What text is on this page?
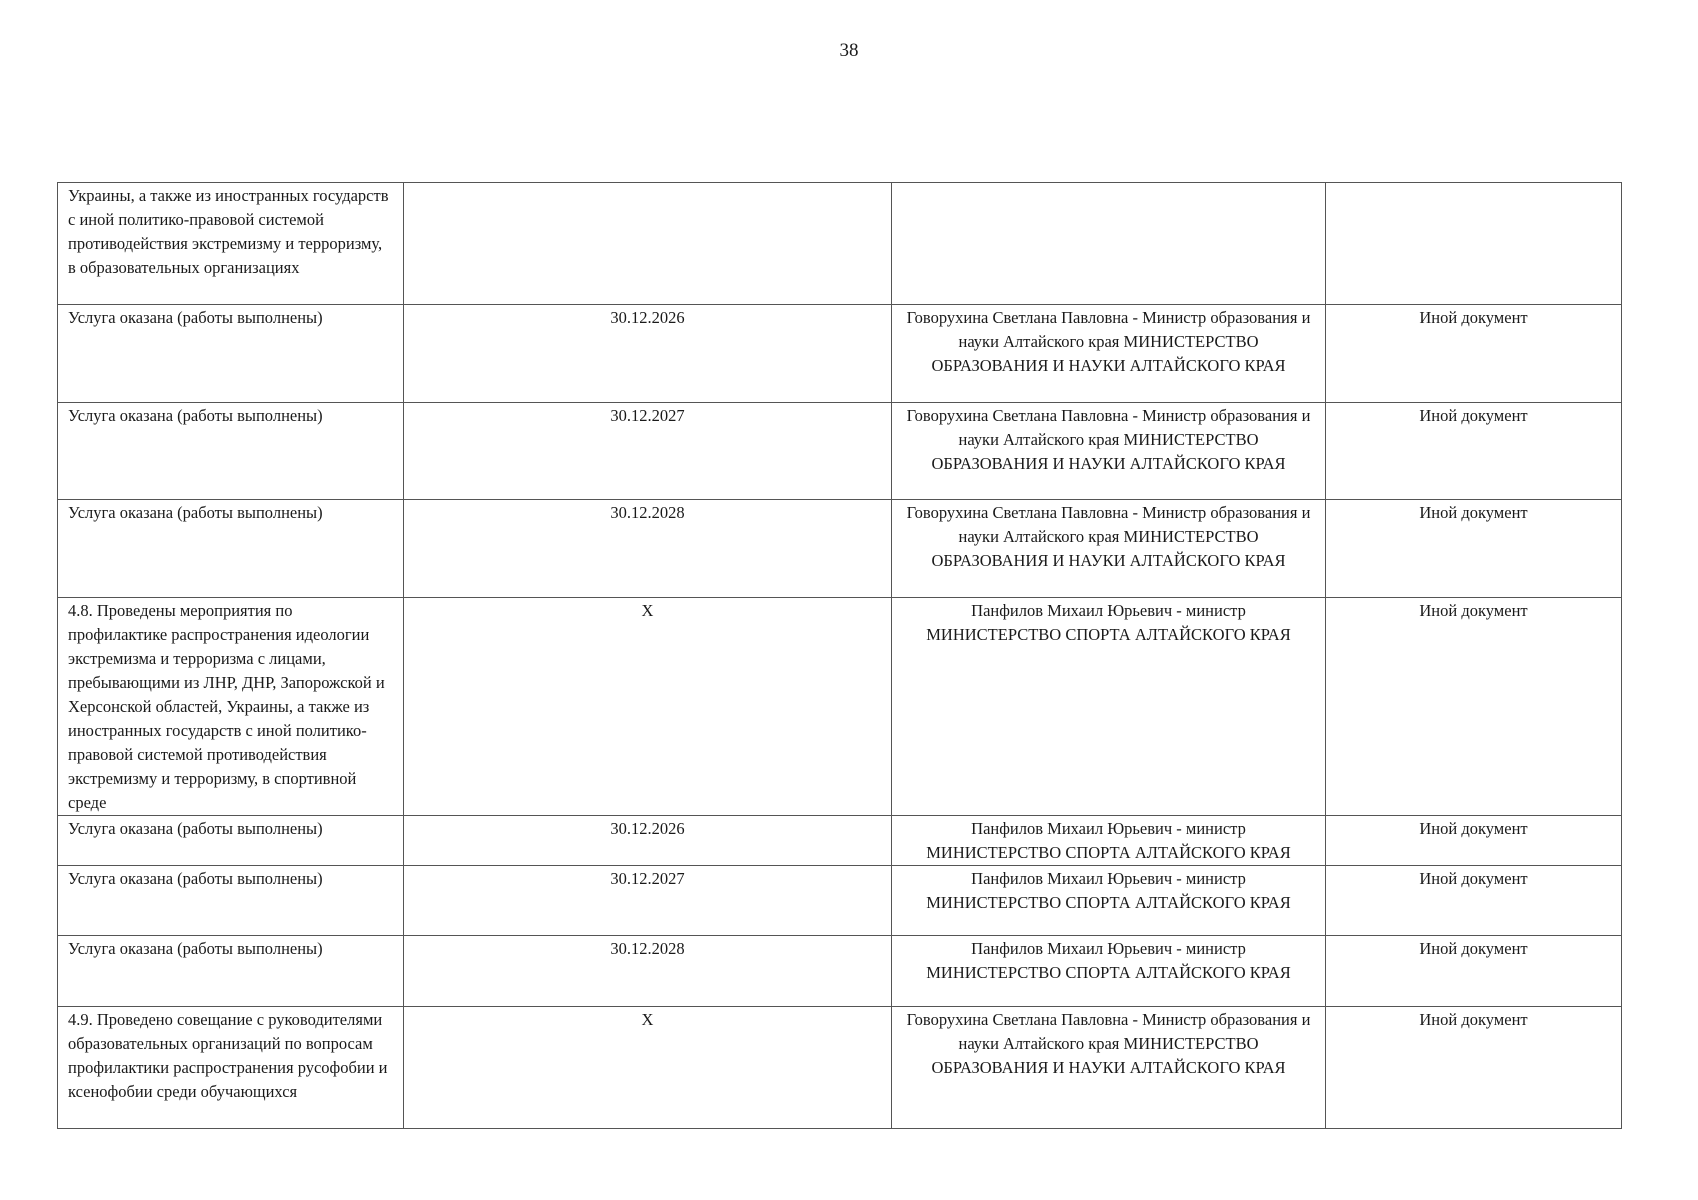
38
Украины, а также из иностранных государств с иной политико-правовой системой противодействия экстремизму и терроризму, в образовательных организациях			
Услуга оказана (работы выполнены)	30.12.2026	Говорухина Светлана Павловна - Министр образования и науки Алтайского края МИНИСТЕРСТВО ОБРАЗОВАНИЯ И НАУКИ АЛТАЙСКОГО КРАЯ	Иной документ
Услуга оказана (работы выполнены)	30.12.2027	Говорухина Светлана Павловна - Министр образования и науки Алтайского края МИНИСТЕРСТВО ОБРАЗОВАНИЯ И НАУКИ АЛТАЙСКОГО КРАЯ	Иной документ
Услуга оказана (работы выполнены)	30.12.2028	Говорухина Светлана Павловна - Министр образования и науки Алтайского края МИНИСТЕРСТВО ОБРАЗОВАНИЯ И НАУКИ АЛТАЙСКОГО КРАЯ	Иной документ
4.8. Проведены мероприятия по профилактике распространения идеологии экстремизма и терроризма с лицами, пребывающими из ЛНР, ДНР, Запорожской и Херсонской областей, Украины, а также из иностранных государств с иной политико-правовой системой противодействия экстремизму и терроризму, в спортивной среде	X	Панфилов Михаил Юрьевич - министр МИНИСТЕРСТВО СПОРТА АЛТАЙСКОГО КРАЯ	Иной документ
Услуга оказана (работы выполнены)	30.12.2026	Панфилов Михаил Юрьевич - министр МИНИСТЕРСТВО СПОРТА АЛТАЙСКОГО КРАЯ	Иной документ
Услуга оказана (работы выполнены)	30.12.2027	Панфилов Михаил Юрьевич - министр МИНИСТЕРСТВО СПОРТА АЛТАЙСКОГО КРАЯ	Иной документ
Услуга оказана (работы выполнены)	30.12.2028	Панфилов Михаил Юрьевич - министр МИНИСТЕРСТВО СПОРТА АЛТАЙСКОГО КРАЯ	Иной документ
4.9. Проведено совещание с руководителями образовательных организаций по вопросам профилактики распространения русофобии и ксенофобии среди обучающихся	X	Говорухина Светлана Павловна - Министр образования и науки Алтайского края МИНИСТЕРСТВО ОБРАЗОВАНИЯ И НАУКИ АЛТАЙСКОГО КРАЯ	Иной документ
